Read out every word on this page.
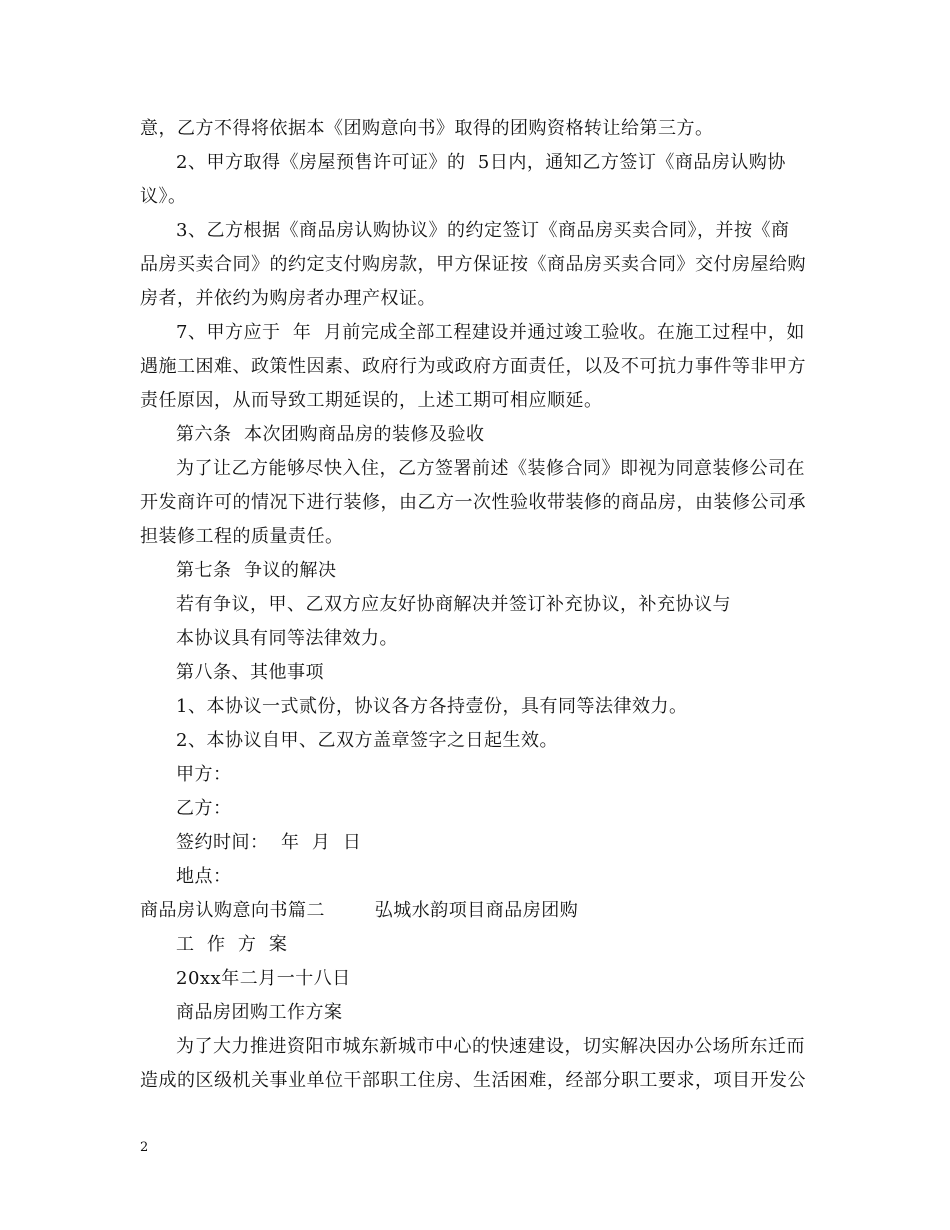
意，乙方不得将依据本《团购意向书》取得的团购资格转让给第三方。
2、甲方取得《房屋预售许可证》的  5日内，通知乙方签订《商品房认购协
议》。
3、乙方根据《商品房认购协议》的约定签订《商品房买卖合同》，并按《商
品房买卖合同》的约定支付购房款，甲方保证按《商品房买卖合同》交付房屋给购
房者，并依约为购房者办理产权证。
7、甲方应于  年  月前完成全部工程建设并通过竣工验收。在施工过程中，如
遇施工困难、政策性因素、政府行为或政府方面责任，以及不可抗力事件等非甲方
责任原因，从而导致工期延误的，上述工期可相应顺延。
第六条  本次团购商品房的装修及验收
为了让乙方能够尽快入住，乙方签署前述《装修合同》即视为同意装修公司在
开发商许可的情况下进行装修，由乙方一次性验收带装修的商品房，由装修公司承
担装修工程的质量责任。
第七条  争议的解决
若有争议，甲、乙双方应友好协商解决并签订补充协议，补充协议与
本协议具有同等法律效力。
第八条、其他事项
1、本协议一式贰份，协议各方各持壹份，具有同等法律效力。
2、本协议自甲、乙双方盖章签字之日起生效。
甲方：
乙方：
签约时间：  年  月  日
地点：
商品房认购意向书篇二        弘城水韵项目商品房团购
工  作  方  案
20xx年二月一十八日
商品房团购工作方案
为了大力推进资阳市城东新城市中心的快速建设，切实解决因办公场所东迁而
造成的区级机关事业单位干部职工住房、生活困难，经部分职工要求，项目开发公
2
